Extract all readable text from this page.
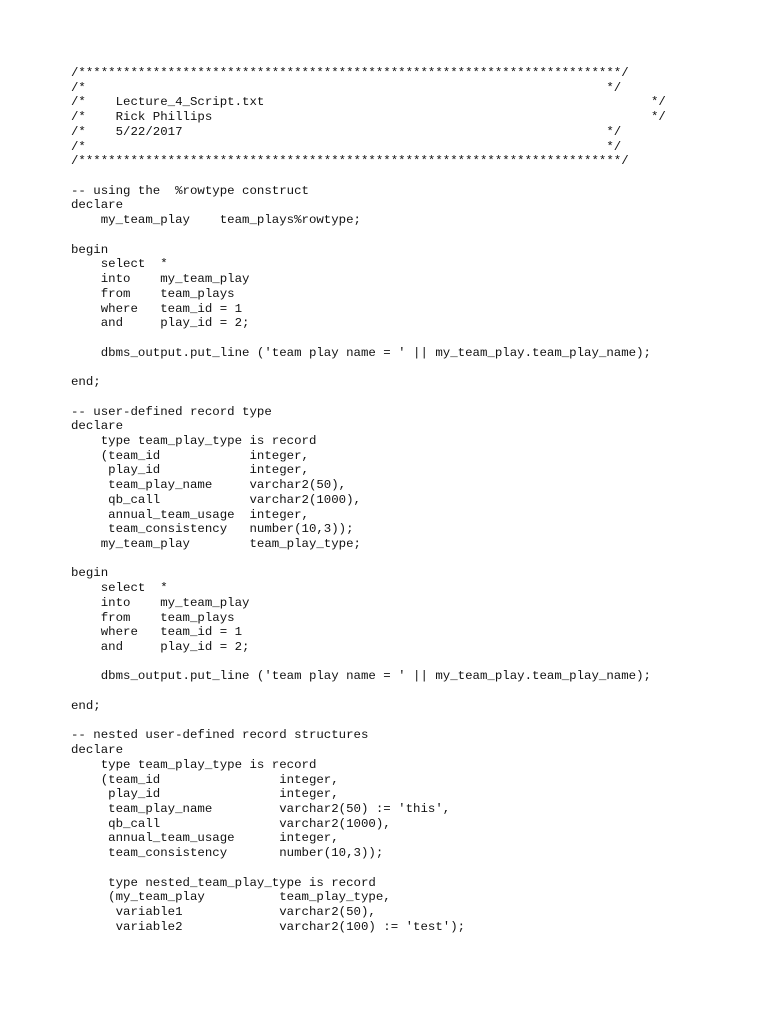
/*************************************************************************/
/*                                                                      */
/*    Lecture_4_Script.txt                                                    */
/*    Rick Phillips                                                           */
/*    5/22/2017                                                         */
/*                                                                      */
/*************************************************************************/
-- using the  %rowtype construct
declare
my_team_play    team_plays%rowtype;
begin
select  *
into    my_team_play
from    team_plays
where   team_id = 1
and     play_id = 2;
dbms_output.put_line ('team play name = ' || my_team_play.team_play_name);
end;
-- user-defined record type
declare
type team_play_type is record
(team_id            integer,
play_id            integer,
team_play_name     varchar2(50),
qb_call            varchar2(1000),
annual_team_usage  integer,
team_consistency   number(10,3));
my_team_play        team_play_type;
begin
select  *
into    my_team_play
from    team_plays
where   team_id = 1
and     play_id = 2;
dbms_output.put_line ('team play name = ' || my_team_play.team_play_name);
end;
-- nested user-defined record structures
declare
type team_play_type is record
(team_id                integer,
play_id                integer,
team_play_name         varchar2(50) := 'this',
qb_call                varchar2(1000),
annual_team_usage      integer,
team_consistency       number(10,3));
type nested_team_play_type is record
(my_team_play          team_play_type,
variable1             varchar2(50),
variable2             varchar2(100) := 'test');
